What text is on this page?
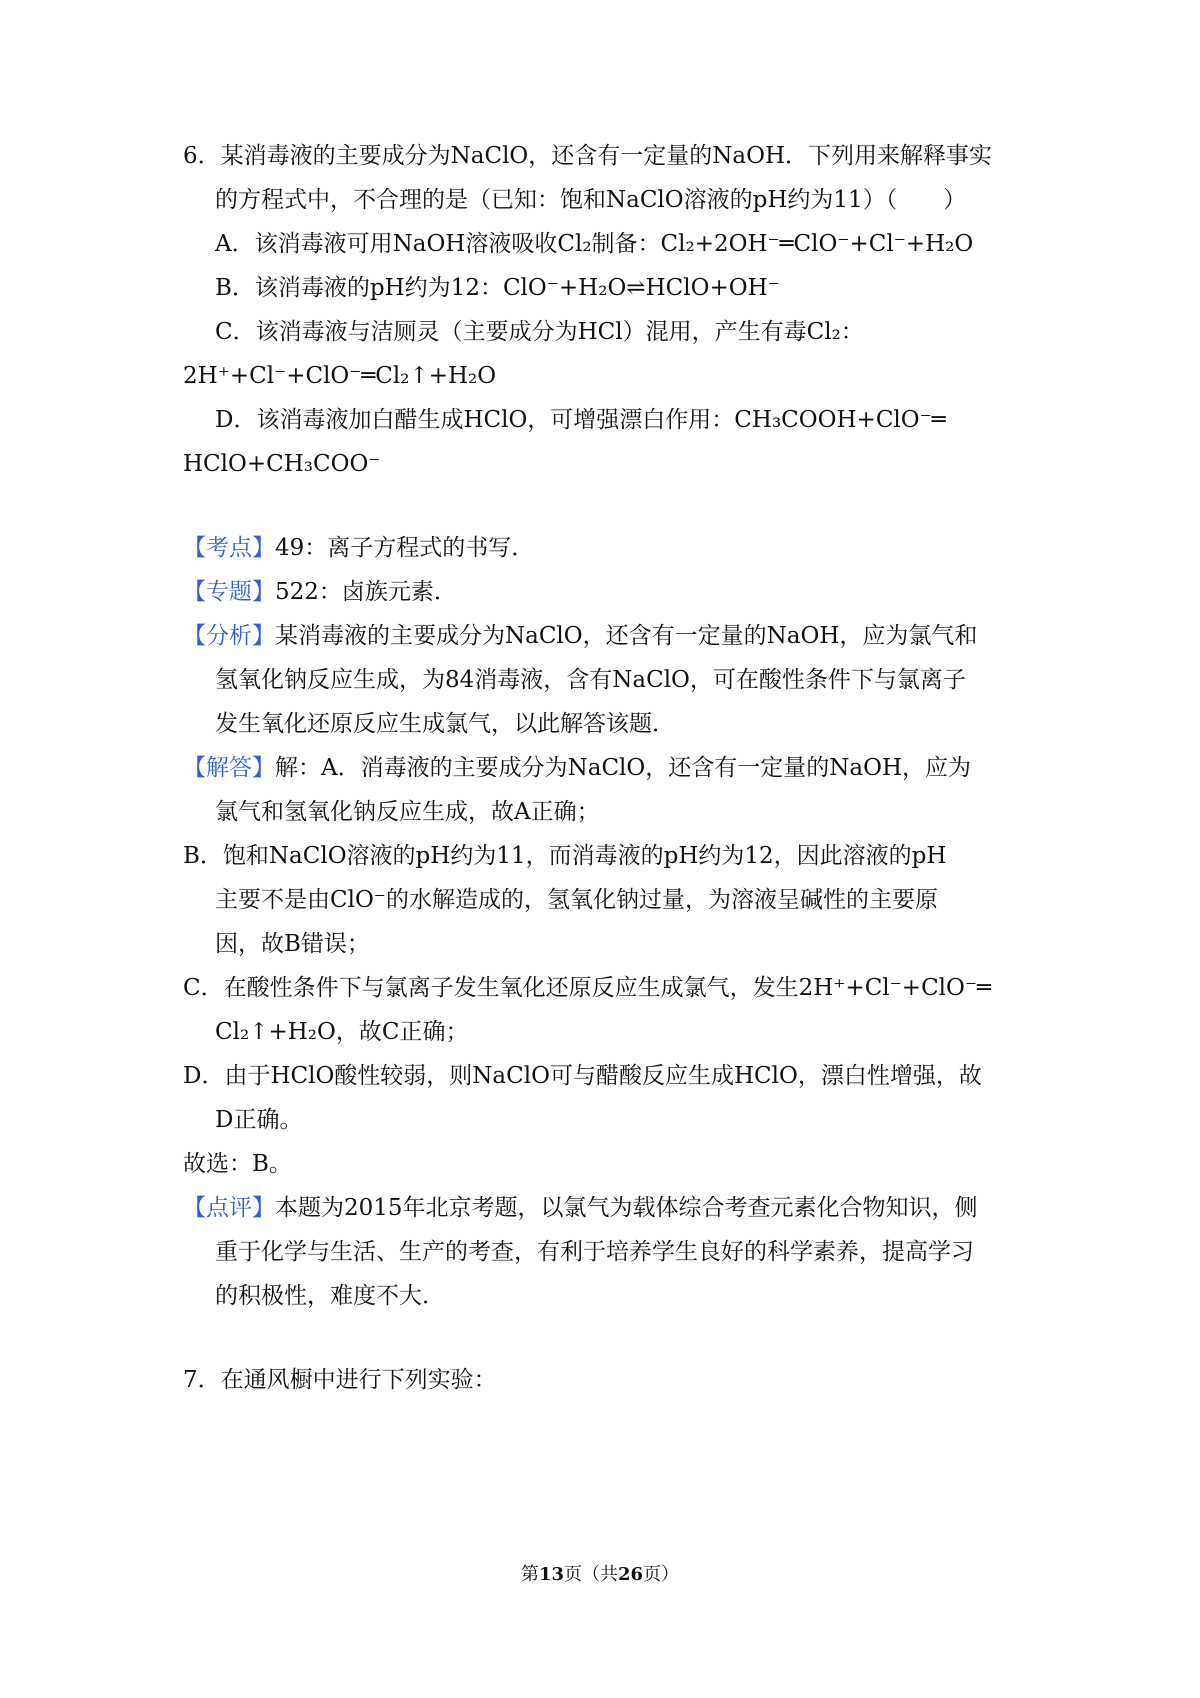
6．某消毒液的主要成分为NaClO，还含有一定量的NaOH．下列用来解释事实
的方程式中，不合理的是（已知：饱和NaClO溶液的pH约为11）（　　）
A．该消毒液可用NaOH溶液吸收Cl₂制备：Cl₂+2OH⁻═ClO⁻+Cl⁻+H₂O
B．该消毒液的pH约为12：ClO⁻+H₂O⇌HClO+OH⁻
C．该消毒液与洁厕灵（主要成分为HCl）混用，产生有毒Cl₂：
2H⁺+Cl⁻+ClO⁻═Cl₂↑+H₂O
D．该消毒液加白醋生成HClO，可增强漂白作用：CH₃COOH+ClO⁻═
HClO+CH₃COO⁻
【考点】49：离子方程式的书写．
【专题】522：卤族元素．
【分析】某消毒液的主要成分为NaClO，还含有一定量的NaOH，应为氯气和
氢氧化钠反应生成，为84消毒液，含有NaClO，可在酸性条件下与氯离子
发生氧化还原反应生成氯气，以此解答该题．
【解答】解：A．消毒液的主要成分为NaClO，还含有一定量的NaOH，应为
氯气和氢氧化钠反应生成，故A正确；
B．饱和NaClO溶液的pH约为11，而消毒液的pH约为12，因此溶液的pH
主要不是由ClO⁻的水解造成的，氢氧化钠过量，为溶液呈碱性的主要原
因，故B错误；
C．在酸性条件下与氯离子发生氧化还原反应生成氯气，发生2H⁺+Cl⁻+ClO⁻═
Cl₂↑+H₂O，故C正确；
D．由于HClO酸性较弱，则NaClO可与醋酸反应生成HClO，漂白性增强，故
D正确。
故选：B。
【点评】本题为2015年北京考题，以氯气为载体综合考查元素化合物知识，侧
重于化学与生活、生产的考查，有利于培养学生良好的科学素养，提高学习
的积极性，难度不大．
7．在通风橱中进行下列实验：
第13页（共26页）
